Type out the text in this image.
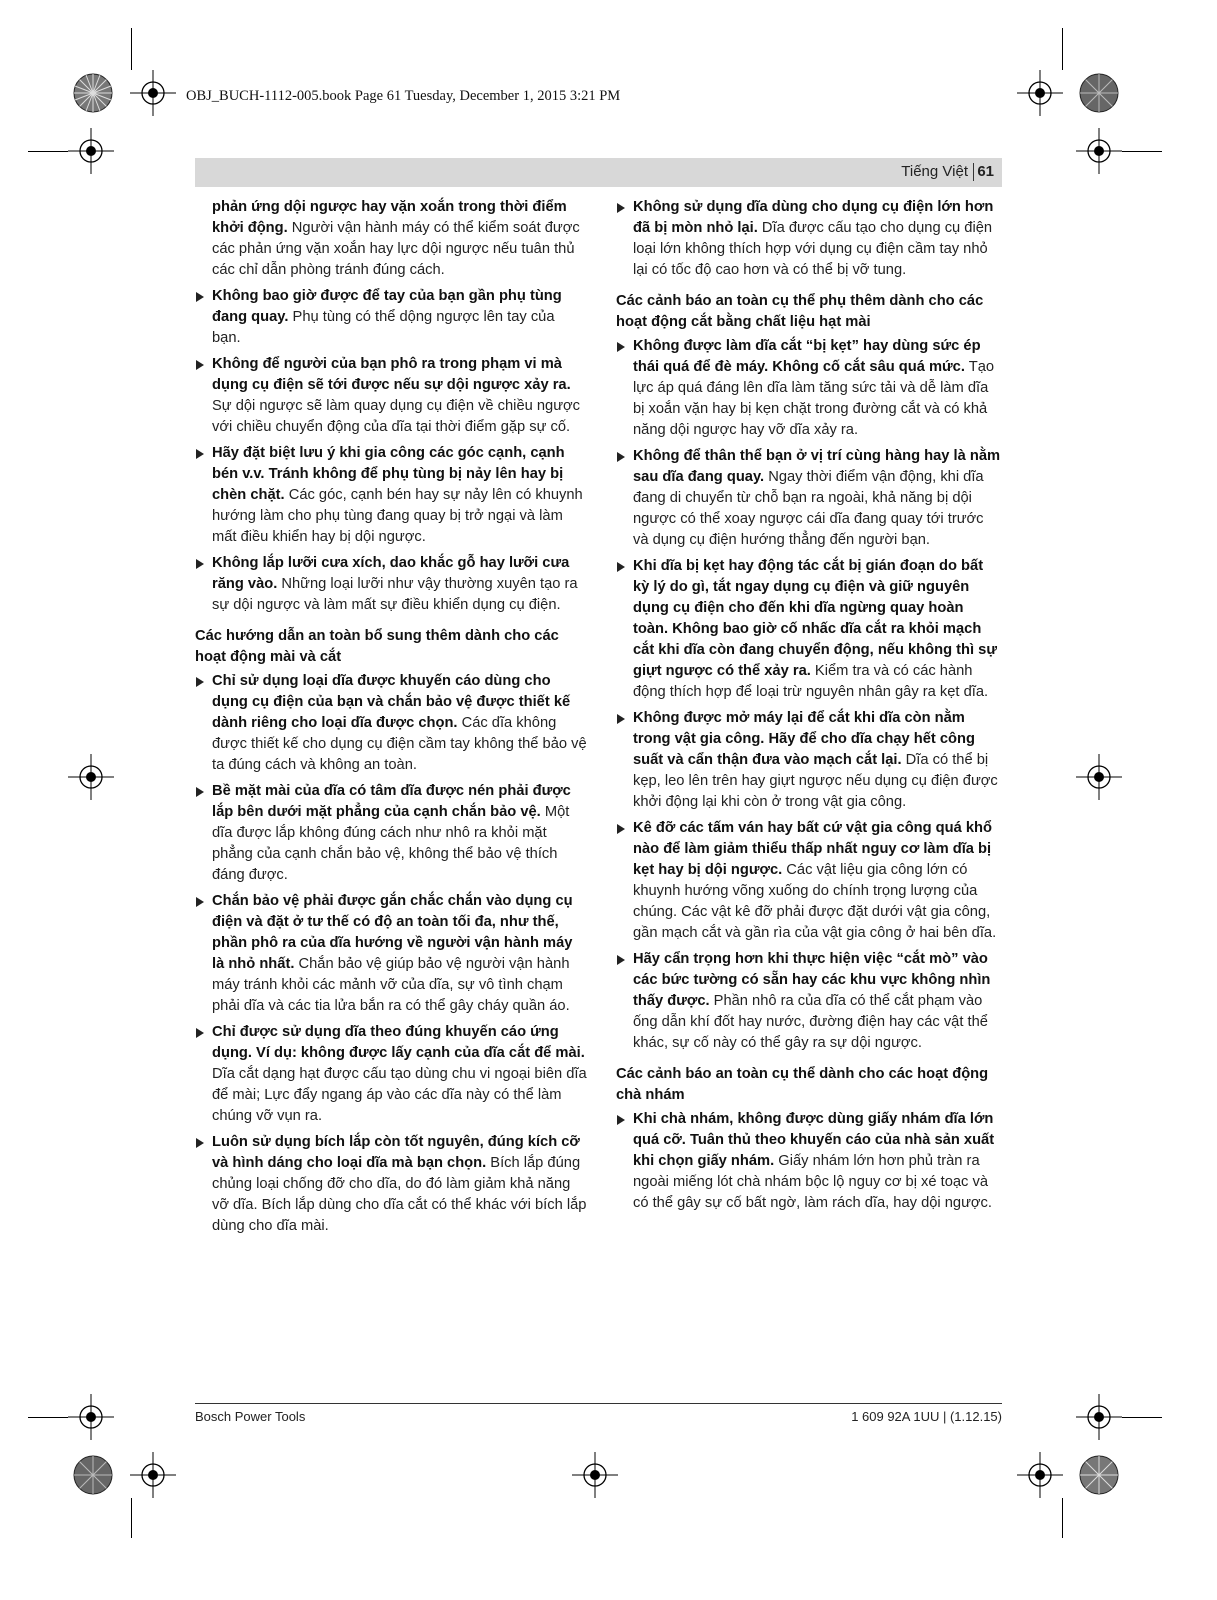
OBJ_BUCH-1112-005.book Page 61 Tuesday, December 1, 2015 3:21 PM
Tiếng Việt 61
phản ứng dội ngược hay vặn xoắn trong thời điểm khởi động. Người vận hành máy có thể kiểm soát được các phản ứng vặn xoắn hay lực dội ngược nếu tuân thủ các chỉ dẫn phòng tránh đúng cách.
Không bao giờ được để tay của bạn gần phụ tùng đang quay. Phụ tùng có thể dộng ngược lên tay của bạn.
Không để người của bạn phô ra trong phạm vi mà dụng cụ điện sẽ tới được nếu sự dội ngược xảy ra. Sự dội ngược sẽ làm quay dụng cụ điện về chiều ngược với chiều chuyển động của dĩa tại thời điểm gặp sự cố.
Hãy đặt biệt lưu ý khi gia công các góc cạnh, cạnh bén v.v. Tránh không để phụ tùng bị nảy lên hay bị chèn chặt. Các góc, cạnh bén hay sự nảy lên có khuynh hướng làm cho phụ tùng đang quay bị trở ngại và làm mất điều khiển hay bị dội ngược.
Không lắp lưỡi cưa xích, dao khắc gỗ hay lưỡi cưa răng vào. Những loại lưỡi như vậy thường xuyên tạo ra sự dội ngược và làm mất sự điều khiển dụng cụ điện.
Các hướng dẫn an toàn bổ sung thêm dành cho các hoạt động mài và cắt
Chỉ sử dụng loại dĩa được khuyến cáo dùng cho dụng cụ điện của bạn và chắn bảo vệ được thiết kế dành riêng cho loại dĩa được chọn. Các dĩa không được thiết kế cho dụng cụ điện cầm tay không thể bảo vệ ta đúng cách và không an toàn.
Bề mặt mài của dĩa có tâm dĩa được nén phải được lắp bên dưới mặt phẳng của cạnh chắn bảo vệ. Một dĩa được lắp không đúng cách như nhô ra khỏi mặt phẳng của cạnh chắn bảo vệ, không thể bảo vệ thích đáng được.
Chắn bảo vệ phải được gắn chắc chắn vào dụng cụ điện và đặt ở tư thế có độ an toàn tối đa, như thế, phần phô ra của dĩa hướng về người vận hành máy là nhỏ nhất. Chắn bảo vệ giúp bảo vệ người vận hành máy tránh khỏi các mảnh vỡ của dĩa, sự vô tình chạm phải dĩa và các tia lửa bắn ra có thể gây cháy quần áo.
Chỉ được sử dụng dĩa theo đúng khuyến cáo ứng dụng. Ví dụ: không được lấy cạnh của dĩa cắt để mài. Dĩa cắt dạng hạt được cấu tạo dùng chu vi ngoại biên dĩa để mài; Lực đẩy ngang áp vào các dĩa này có thể làm chúng vỡ vụn ra.
Luôn sử dụng bích lắp còn tốt nguyên, đúng kích cỡ và hình dáng cho loại dĩa mà bạn chọn. Bích lắp đúng chủng loại chống đỡ cho dĩa, do đó làm giảm khả năng vỡ dĩa. Bích lắp dùng cho dĩa cắt có thể khác với bích lắp dùng cho dĩa mài.
Không sử dụng dĩa dùng cho dụng cụ điện lớn hơn đã bị mòn nhỏ lại. Dĩa được cấu tạo cho dụng cụ điện loại lớn không thích hợp với dụng cụ điện cầm tay nhỏ lại có tốc độ cao hơn và có thể bị vỡ tung.
Các cảnh báo an toàn cụ thể phụ thêm dành cho các hoạt động cắt bằng chất liệu hạt mài
Không được làm dĩa cắt “bị kẹt” hay dùng sức ép thái quá để đè máy. Không cố cắt sâu quá mức. Tạo lực áp quá đáng lên dĩa làm tăng sức tải và dễ làm dĩa bị xoắn vặn hay bị kẹn chặt trong đường cắt và có khả năng dội ngược hay vỡ dĩa xảy ra.
Không để thân thể bạn ở vị trí cùng hàng hay là nằm sau dĩa đang quay. Ngay thời điểm vận động, khi dĩa đang di chuyển từ chỗ bạn ra ngoài, khả năng bị dội ngược có thể xoay ngược cái dĩa đang quay tới trước và dụng cụ điện hướng thẳng đến người bạn.
Khi dĩa bị kẹt hay động tác cắt bị gián đoạn do bất kỳ lý do gì, tắt ngay dụng cụ điện và giữ nguyên dụng cụ điện cho đến khi dĩa ngừng quay hoàn toàn. Không bao giờ cố nhấc dĩa cắt ra khỏi mạch cắt khi dĩa còn đang chuyển động, nếu không thì sự giựt ngược có thể xảy ra. Kiểm tra và có các hành động thích hợp để loại trừ nguyên nhân gây ra kẹt dĩa.
Không được mở máy lại để cắt khi dĩa còn nằm trong vật gia công. Hãy để cho dĩa chạy hết công suất và cẩn thận đưa vào mạch cắt lại. Dĩa có thể bị kẹp, leo lên trên hay giựt ngược nếu dụng cụ điện được khởi động lại khi còn ở trong vật gia công.
Kê đỡ các tấm ván hay bất cứ vật gia công quá khổ nào để làm giảm thiểu thấp nhất nguy cơ làm dĩa bị kẹt hay bị dội ngược. Các vật liệu gia công lớn có khuynh hướng võng xuống do chính trọng lượng của chúng. Các vật kê đỡ phải được đặt dưới vật gia công, gần mạch cắt và gần rìa của vật gia công ở hai bên dĩa.
Hãy cẩn trọng hơn khi thực hiện việc “cắt mò” vào các bức tường có sẵn hay các khu vực không nhìn thấy được. Phần nhô ra của dĩa có thể cắt phạm vào ống dẫn khí đốt hay nước, đường điện hay các vật thể khác, sự cố này có thể gây ra sự dội ngược.
Các cảnh báo an toàn cụ thể dành cho các hoạt động chà nhám
Khi chà nhám, không được dùng giấy nhám dĩa lớn quá cỡ. Tuân thủ theo khuyến cáo của nhà sản xuất khi chọn giấy nhám. Giấy nhám lớn hơn phủ tràn ra ngoài miếng lót chà nhám bộc lộ nguy cơ bị xé toạc và có thể gây sự cố bất ngờ, làm rách dĩa, hay dội ngược.
Bosch Power Tools	1 609 92A 1UU | (1.12.15)
